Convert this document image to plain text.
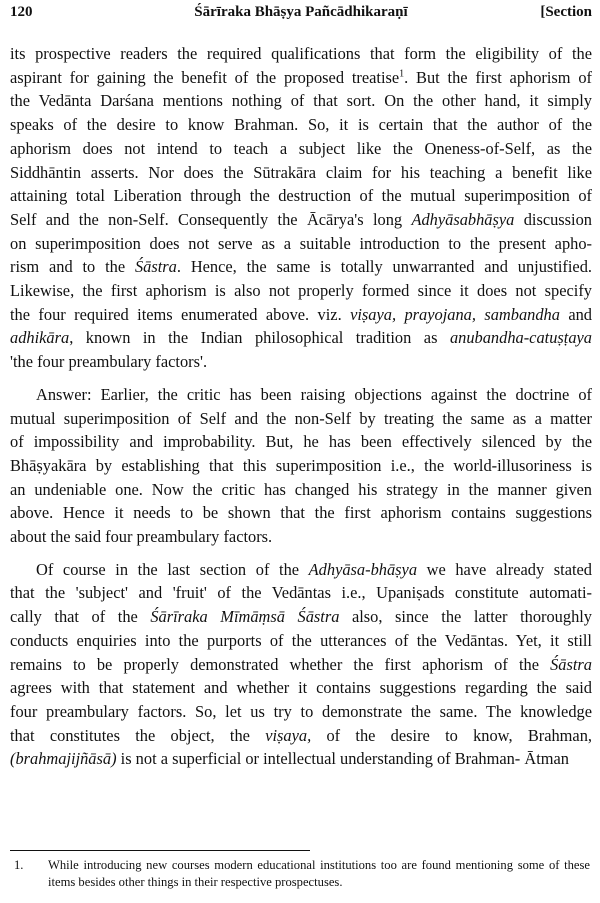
120	Śārīraka Bhāṣya Pañcādhikaraṇī	[Section

its prospective readers the required qualifications that form the eligibility of the
aspirant for gaining the benefit of the proposed treatise$^1$. But the first aphorism of
the Vedānta Darśana mentions nothing of that sort. On the other hand, it simply
speaks of the desire to know Brahman. So, it is certain that the author of the
aphorism does not intend to teach a subject like the Oneness-of-Self, as the
Siddhāntin asserts. Nor does the Sūtrakāra claim for his teaching a benefit like
attaining total Liberation through the destruction of the mutual superimposition of
Self and the non-Self. Consequently the Ācārya's long Adhyāsabhāṣya discussion
on superimposition does not serve as a suitable introduction to the present apho-
rism and to the Śāstra. Hence, the same is totally unwarranted and unjustified.
Likewise, the first aphorism is also not properly formed since it does not specify
the four required items enumerated above. viz. viṣaya, prayojana, sambandha and
adhikāra, known in the Indian philosophical tradition as anubandha-catuṣṭaya
'the four preambulary factors'.

Answer: Earlier, the critic has been raising objections against the doctrine of
mutual superimposition of Self and the non-Self by treating the same as a matter
of impossibility and improbability. But, he has been effectively silenced by the
Bhāṣyakāra by establishing that this superimposition i.e., the world-illusoriness is
an undeniable one. Now the critic has changed his strategy in the manner given
above. Hence it needs to be shown that the first aphorism contains suggestions
about the said four preambulary factors.

Of course in the last section of the Adhyāsa-bhāṣya we have already stated
that the 'subject' and 'fruit' of the Vedāntas i.e., Upaniṣads constitute automati-
cally that of the Śārīraka Mīmāṃsā Śāstra also, since the latter thoroughly
conducts enquiries into the purports of the utterances of the Vedāntas. Yet, it still
remains to be properly demonstrated whether the first aphorism of the Śāstra
agrees with that statement and whether it contains suggestions regarding the said
four preambulary factors. So, let us try to demonstrate the same. The knowledge
that constitutes the object, the viṣaya, of the desire to know, Brahman,
(brahmajijñāsā) is not a superficial or intellectual understanding of Brahman- Ātman

1. While introducing new courses modern educational institutions too are found mentioning some of these items besides other things in their respective prospectuses.
